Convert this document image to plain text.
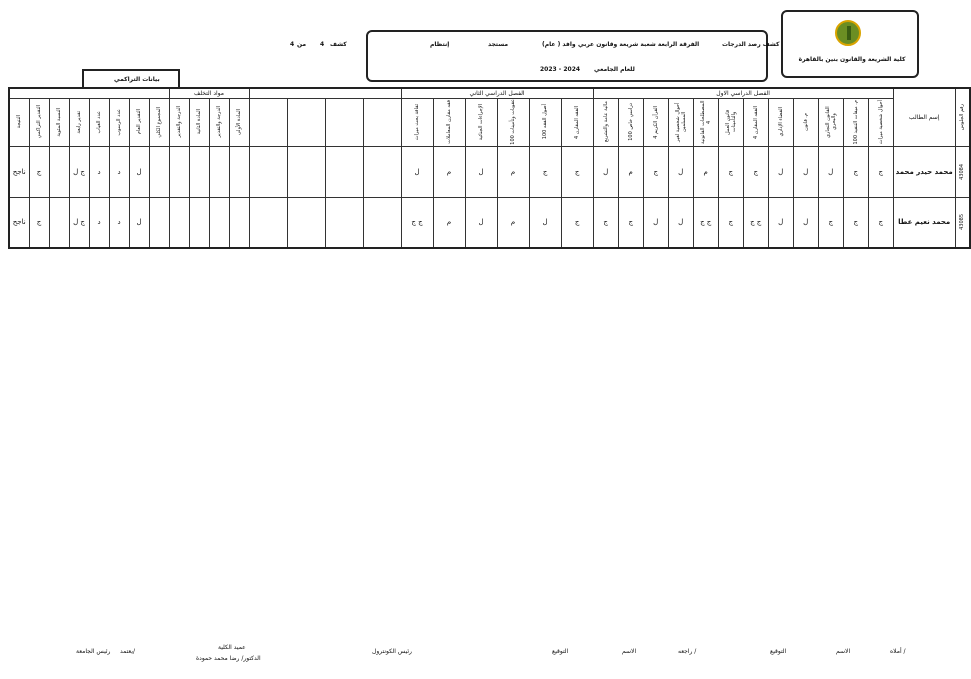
كلية الشريعة والقانون بنين بالقاهرة
كشف رصد الدرجات
الفرقة الرابعة شعبة شريعة وقانون عربي
(عام ) وافد
مستجد
إنتظام
للعام الجامعي
2023 - 2024
كشف
4
من
4
بيانات التراكمي
رقم الجلوس	إسم الطالب	الفصل الدراسي الاول												الفصل الدراسي الثاني										مواد التخلف											

		أحوال شخصية ميراث	م. ميقات التنفيذ 100	القانون التجاري والبحري	م. قانون	القضاء الإداري	الفقه المقارن 4	قانون العمل والتأمينات	المصطلحات القانونية 4	أحوال شخصية لغير المسلمين	القرآن الكريم 4	دراسي خاص 100	مالية عامة والتشريع	الفقه المقارن 4	أصول الفقه 100	عقوبات وتأمينات 100	الإجراءات الجنائية	فقه مقارن المعاملات	ثقافة بحث ميراث					المادة الأولى	الدرجة والتقدير	المادة الثانية	الدرجة والتقدير	المجموع الكلي	التقدير العام	عدد الرسوب	عدد الغياب	تقدير رابعة	النسبة المئوية	التقدير التراكمي	النتيجة

43084	محمد حيدر محمد	ج	ج	ل	ل	ل	ج	ج	م	ل	ج	م	ل	ج	ج	م	ل	م	ل										ل	د	د	ج ل		ج	ناجح

43085	محمد نعيم عطا	ج	ج	ج	ل	ل	ج ج	ج	ج ج	ل	ل	ج	ج	ج	ل	م	ل	م	ج ج										ل	د	د	ج ل		ج	ناجح
أملاه /
الاسم
التوقيع
راجعه /
الاسم
التوقيع
رئيس الكونترول
عميد الكلية
الدكتور/ رضا محمد حمودة
يعتمد/
رئيس الجامعة
